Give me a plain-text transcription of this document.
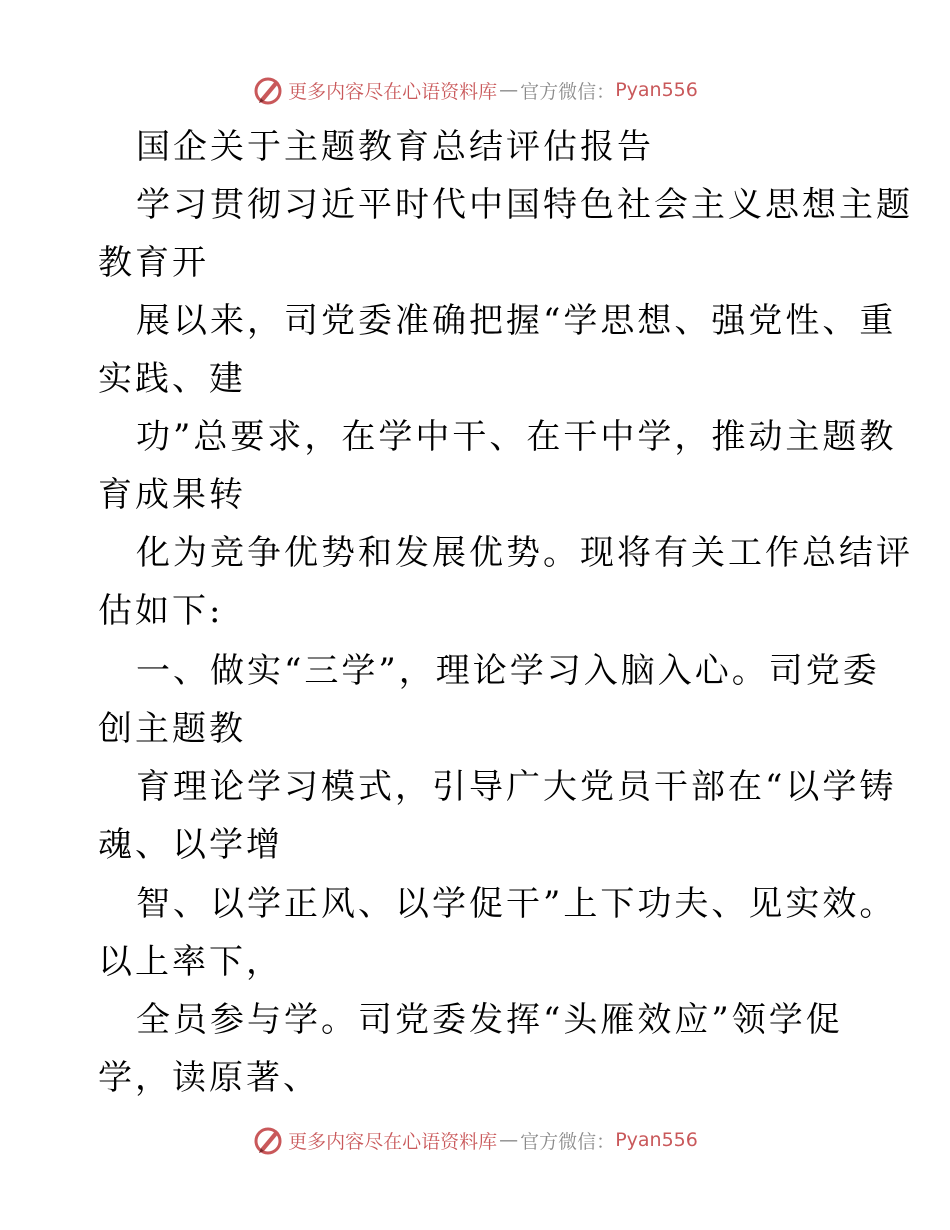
更多内容尽在心语资料库 — 官方微信： Pyan556
国企关于主题教育总结评估报告
学习贯彻习近平时代中国特色社会主义思想主题
教育开
展以来，司党委准确把握“学思想、强党性、重
实践、建
功”总要求，在学中干、在干中学，推动主题教
育成果转
化为竞争优势和发展优势。现将有关工作总结评
估如下:
一、做实“三学”，理论学习入脑入心。司党委
创主题教
育理论学习模式，引导广大党员干部在“以学铸
魂、以学增
智、以学正风、以学促干”上下功夫、见实效。
以上率下，
全员参与学。司党委发挥“头雁效应”领学促
学，读原著、
更多内容尽在心语资料库 — 官方微信： Pyan556
